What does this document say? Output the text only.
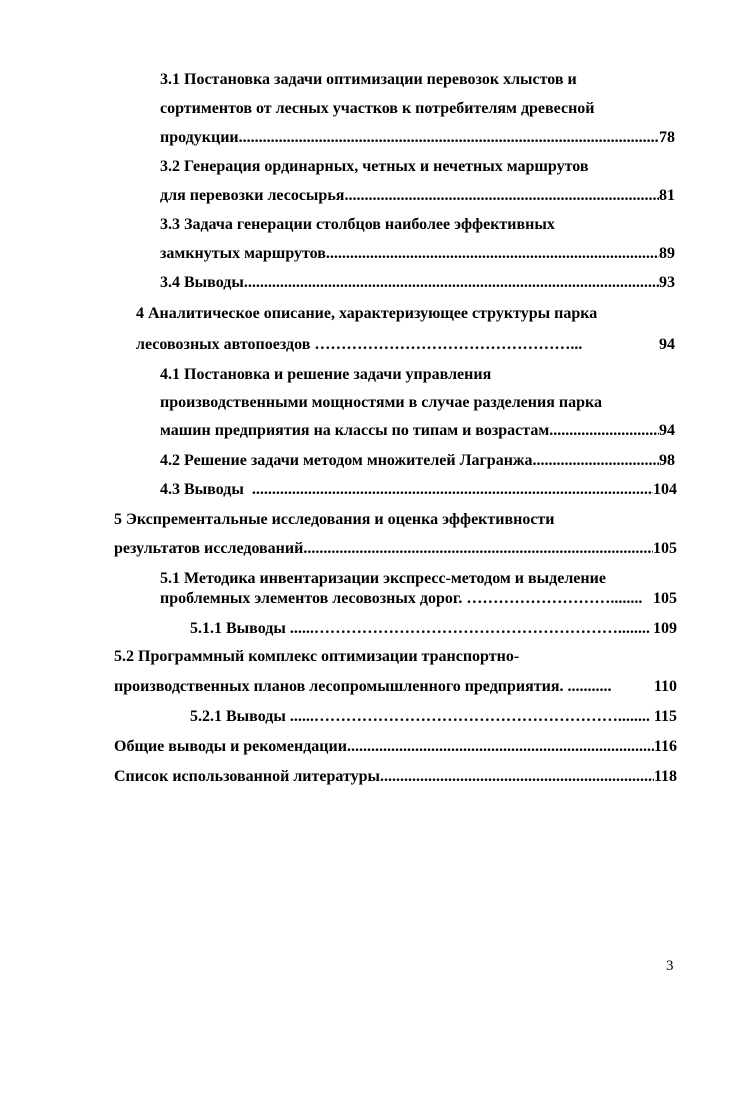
3.1 Постановка задачи оптимизации перевозок хлыстов и
сортиментов от лесных участков к потребителям древесной
продукции .....	78
3.2 Генерация ординарных, четных и нечетных маршрутов
для перевозки лесосырья .....	81
3.3 Задача генерации столбцов наиболее эффективных
замкнутых маршрутов .....	89
3.4 Выводы .....	93
4 Аналитическое описание, характеризующее структуры парка
лесовозных автопоездов …………………………………………...	94
4.1 Постановка и решение задачи управления
производственными мощностями в случае разделения парка
машин предприятия на классы по типам и возрастам .....	94
4.2 Решение задачи методом множителей Лагранжа .....	98
4.3 Выводы .....	104
5 Экспрементальные исследования и оценка эффективности
результатов исследований .....	105
5.1 Методика инвентаризации экспресс-методом и выделение
проблемных элементов лесовозных дорог. ………………………........ 105
5.1.1 Выводы ......…………………………………………………........ 109
5.2 Программный комплекс оптимизации транспортно-
производственных планов лесопромышленного предприятия. ...........	110
5.2.1 Выводы ......…………………………………………………........ 115
Общие выводы и рекомендации .....	116
Список использованной литературы .....	118
3
